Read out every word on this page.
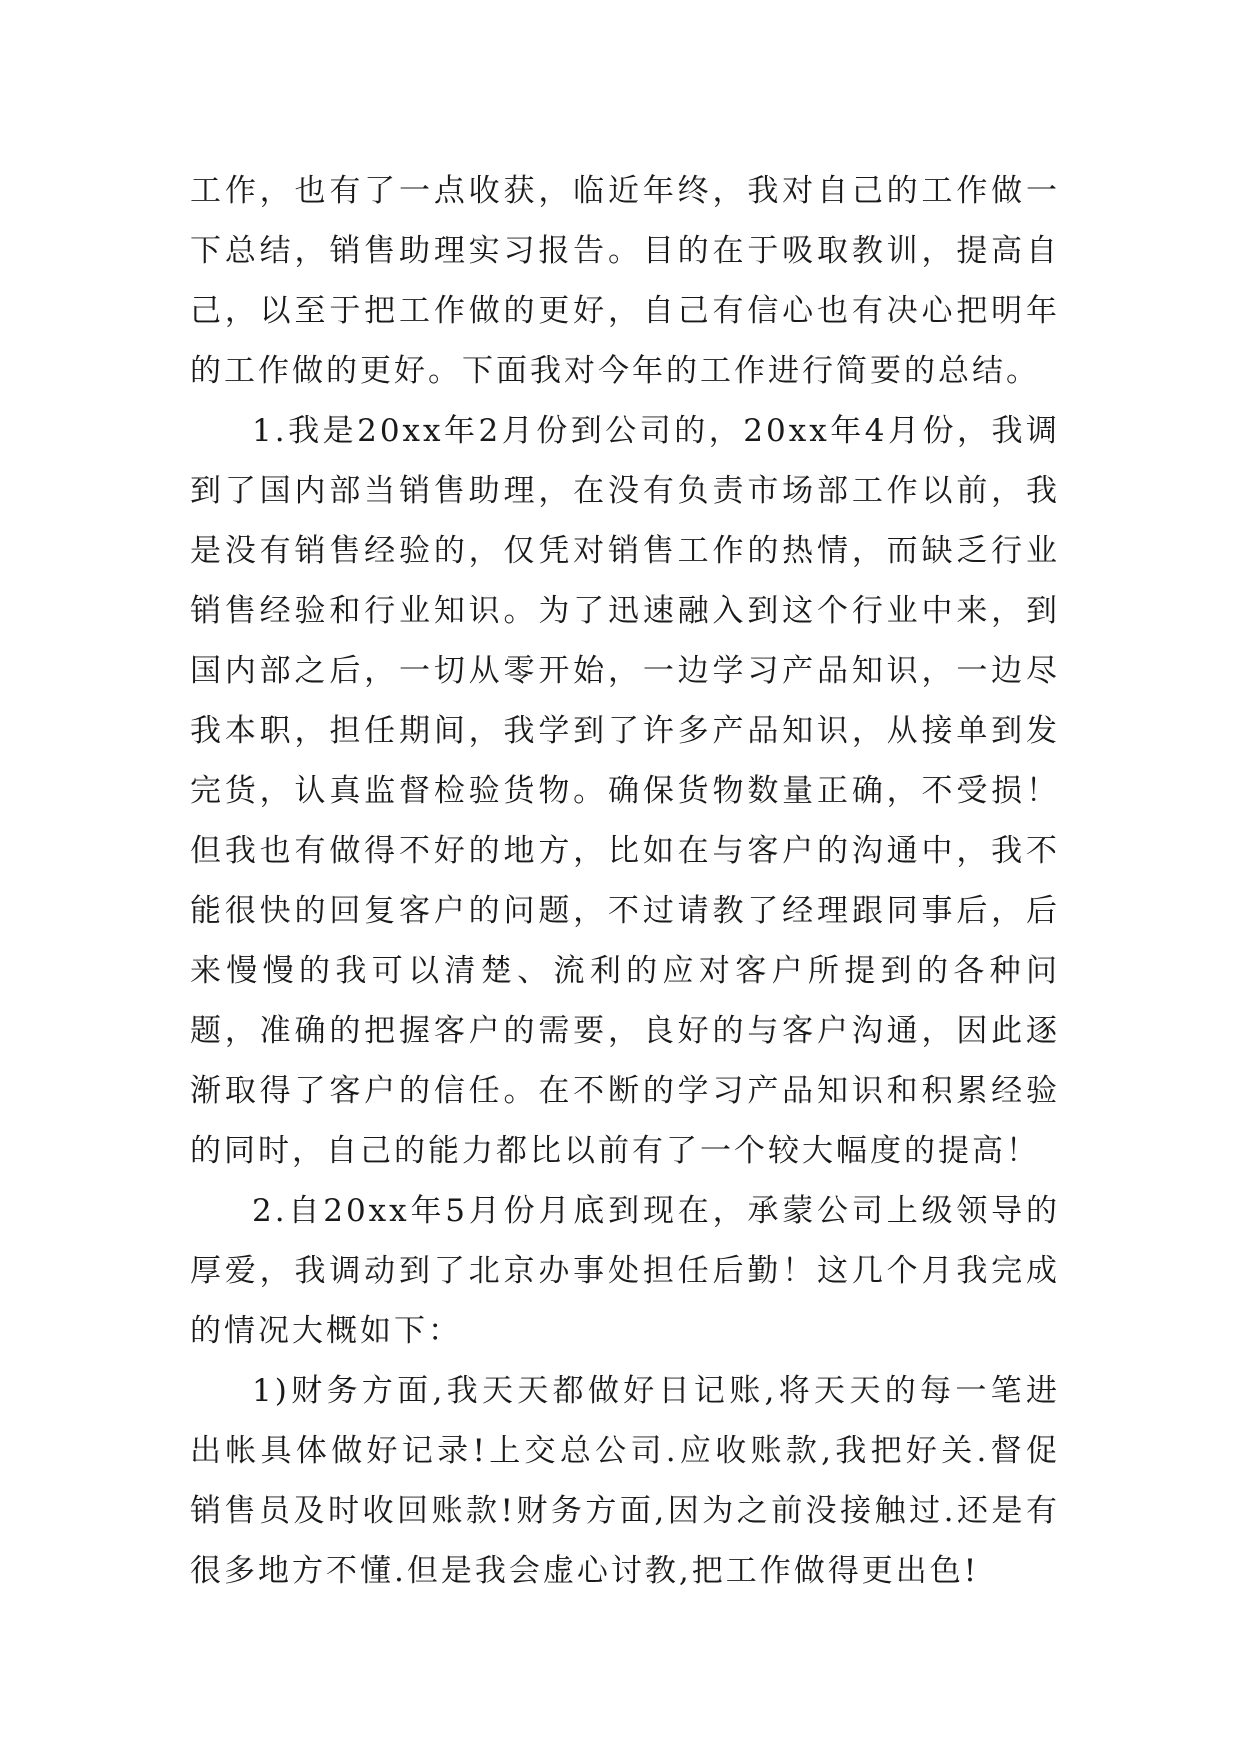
工作，也有了一点收获，临近年终，我对自己的工作做一下总结，销售助理实习报告。目的在于吸取教训，提高自己，以至于把工作做的更好，自己有信心也有决心把明年的工作做的更好。下面我对今年的工作进行简要的总结。

1.我是20xx年2月份到公司的，20xx年4月份，我调到了国内部当销售助理，在没有负责市场部工作以前，我是没有销售经验的，仅凭对销售工作的热情，而缺乏行业销售经验和行业知识。为了迅速融入到这个行业中来，到国内部之后，一切从零开始，一边学习产品知识，一边尽我本职，担任期间，我学到了许多产品知识，从接单到发完货，认真监督检验货物。确保货物数量正确，不受损！但我也有做得不好的地方，比如在与客户的沟通中，我不能很快的回复客户的问题，不过请教了经理跟同事后，后来慢慢的我可以清楚、流利的应对客户所提到的各种问题，准确的把握客户的需要，良好的与客户沟通，因此逐渐取得了客户的信任。在不断的学习产品知识和积累经验的同时，自己的能力都比以前有了一个较大幅度的提高！

2.自20xx年5月份月底到现在，承蒙公司上级领导的厚爱，我调动到了北京办事处担任后勤！这几个月我完成的情况大概如下：

1)财务方面,我天天都做好日记账,将天天的每一笔进出帐具体做好记录!上交总公司.应收账款,我把好关.督促销售员及时收回账款!财务方面,因为之前没接触过.还是有很多地方不懂.但是我会虚心讨教,把工作做得更出色!
